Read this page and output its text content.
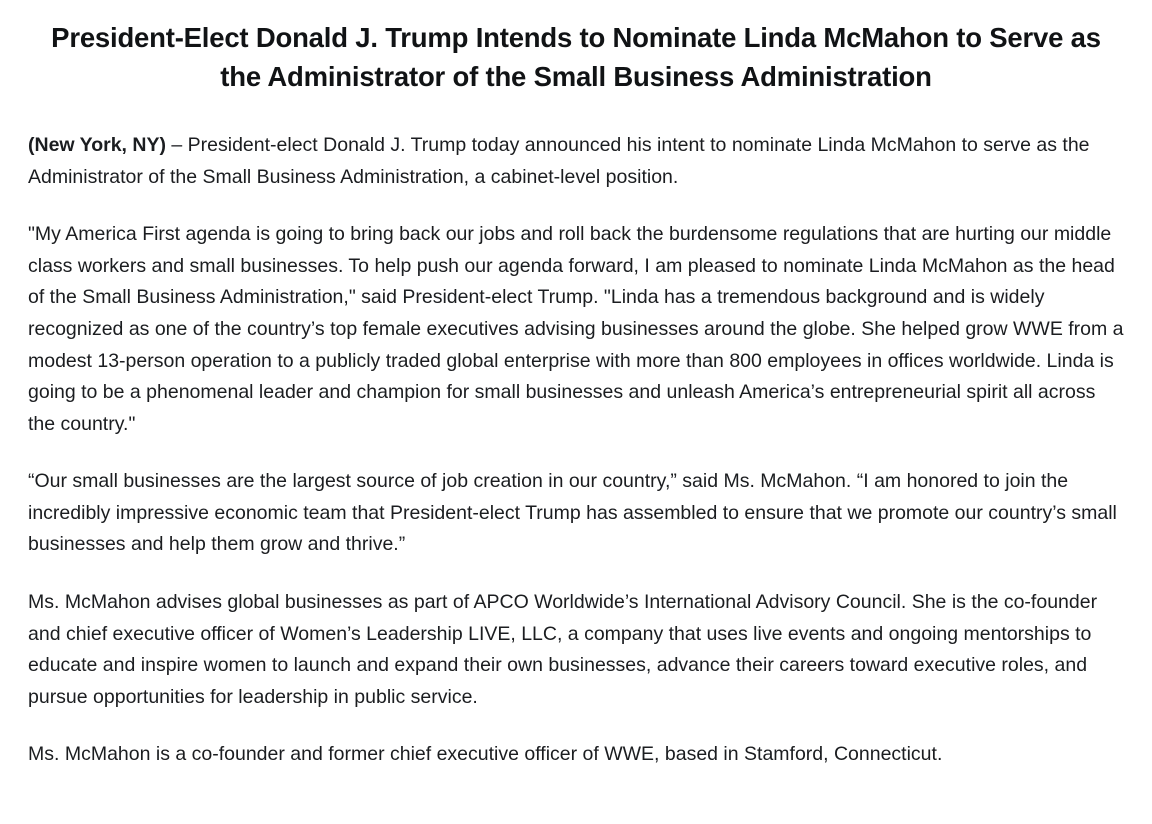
President-Elect Donald J. Trump Intends to Nominate Linda McMahon to Serve as the Administrator of the Small Business Administration

(New York, NY) – President-elect Donald J. Trump today announced his intent to nominate Linda McMahon to serve as the Administrator of the Small Business Administration, a cabinet-level position.

"My America First agenda is going to bring back our jobs and roll back the burdensome regulations that are hurting our middle class workers and small businesses. To help push our agenda forward, I am pleased to nominate Linda McMahon as the head of the Small Business Administration," said President-elect Trump. "Linda has a tremendous background and is widely recognized as one of the country’s top female executives advising businesses around the globe. She helped grow WWE from a modest 13-person operation to a publicly traded global enterprise with more than 800 employees in offices worldwide. Linda is going to be a phenomenal leader and champion for small businesses and unleash America’s entrepreneurial spirit all across the country."

“Our small businesses are the largest source of job creation in our country,” said Ms. McMahon. “I am honored to join the incredibly impressive economic team that President-elect Trump has assembled to ensure that we promote our country’s small businesses and help them grow and thrive.”

Ms. McMahon advises global businesses as part of APCO Worldwide’s International Advisory Council. She is the co-founder and chief executive officer of Women’s Leadership LIVE, LLC, a company that uses live events and ongoing mentorships to educate and inspire women to launch and expand their own businesses, advance their careers toward executive roles, and pursue opportunities for leadership in public service.

Ms. McMahon is a co-founder and former chief executive officer of WWE, based in Stamford, Connecticut.
